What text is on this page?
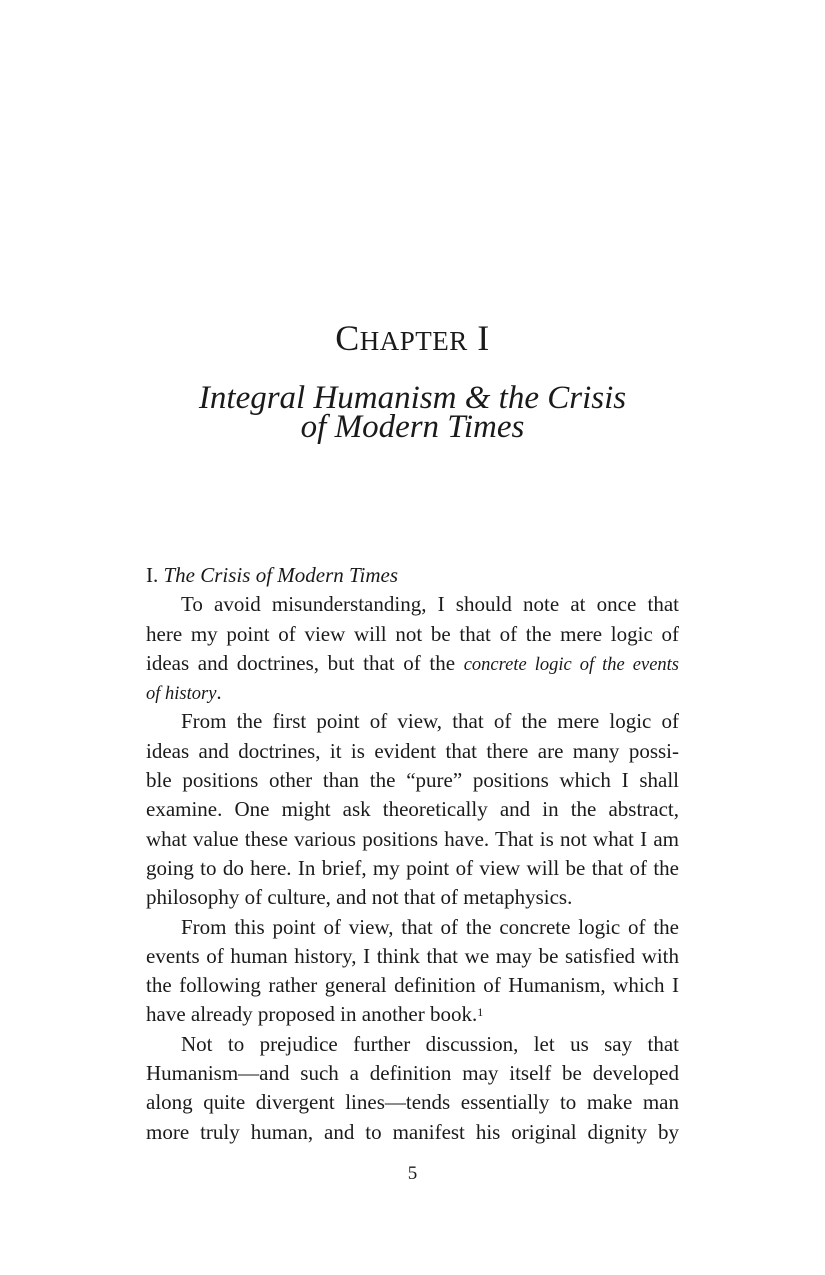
CHAPTER I
Integral Humanism & the Crisis
of Modern Times
I. The Crisis of Modern Times
To avoid misunderstanding, I should note at once that
here my point of view will not be that of the mere logic of
ideas and doctrines, but that of the concrete logic of the events
of history.
From the first point of view, that of the mere logic of
ideas and doctrines, it is evident that there are many possi-
ble positions other than the “pure” positions which I shall
examine. One might ask theoretically and in the abstract,
what value these various positions have. That is not what I am
going to do here. In brief, my point of view will be that of the
philosophy of culture, and not that of metaphysics.
From this point of view, that of the concrete logic of the
events of human history, I think that we may be satisfied with
the following rather general definition of Humanism, which I
have already proposed in another book.$^1$
Not to prejudice further discussion, let us say that
Humanism—and such a definition may itself be developed
along quite divergent lines—tends essentially to make man
more truly human, and to manifest his original dignity by
5
